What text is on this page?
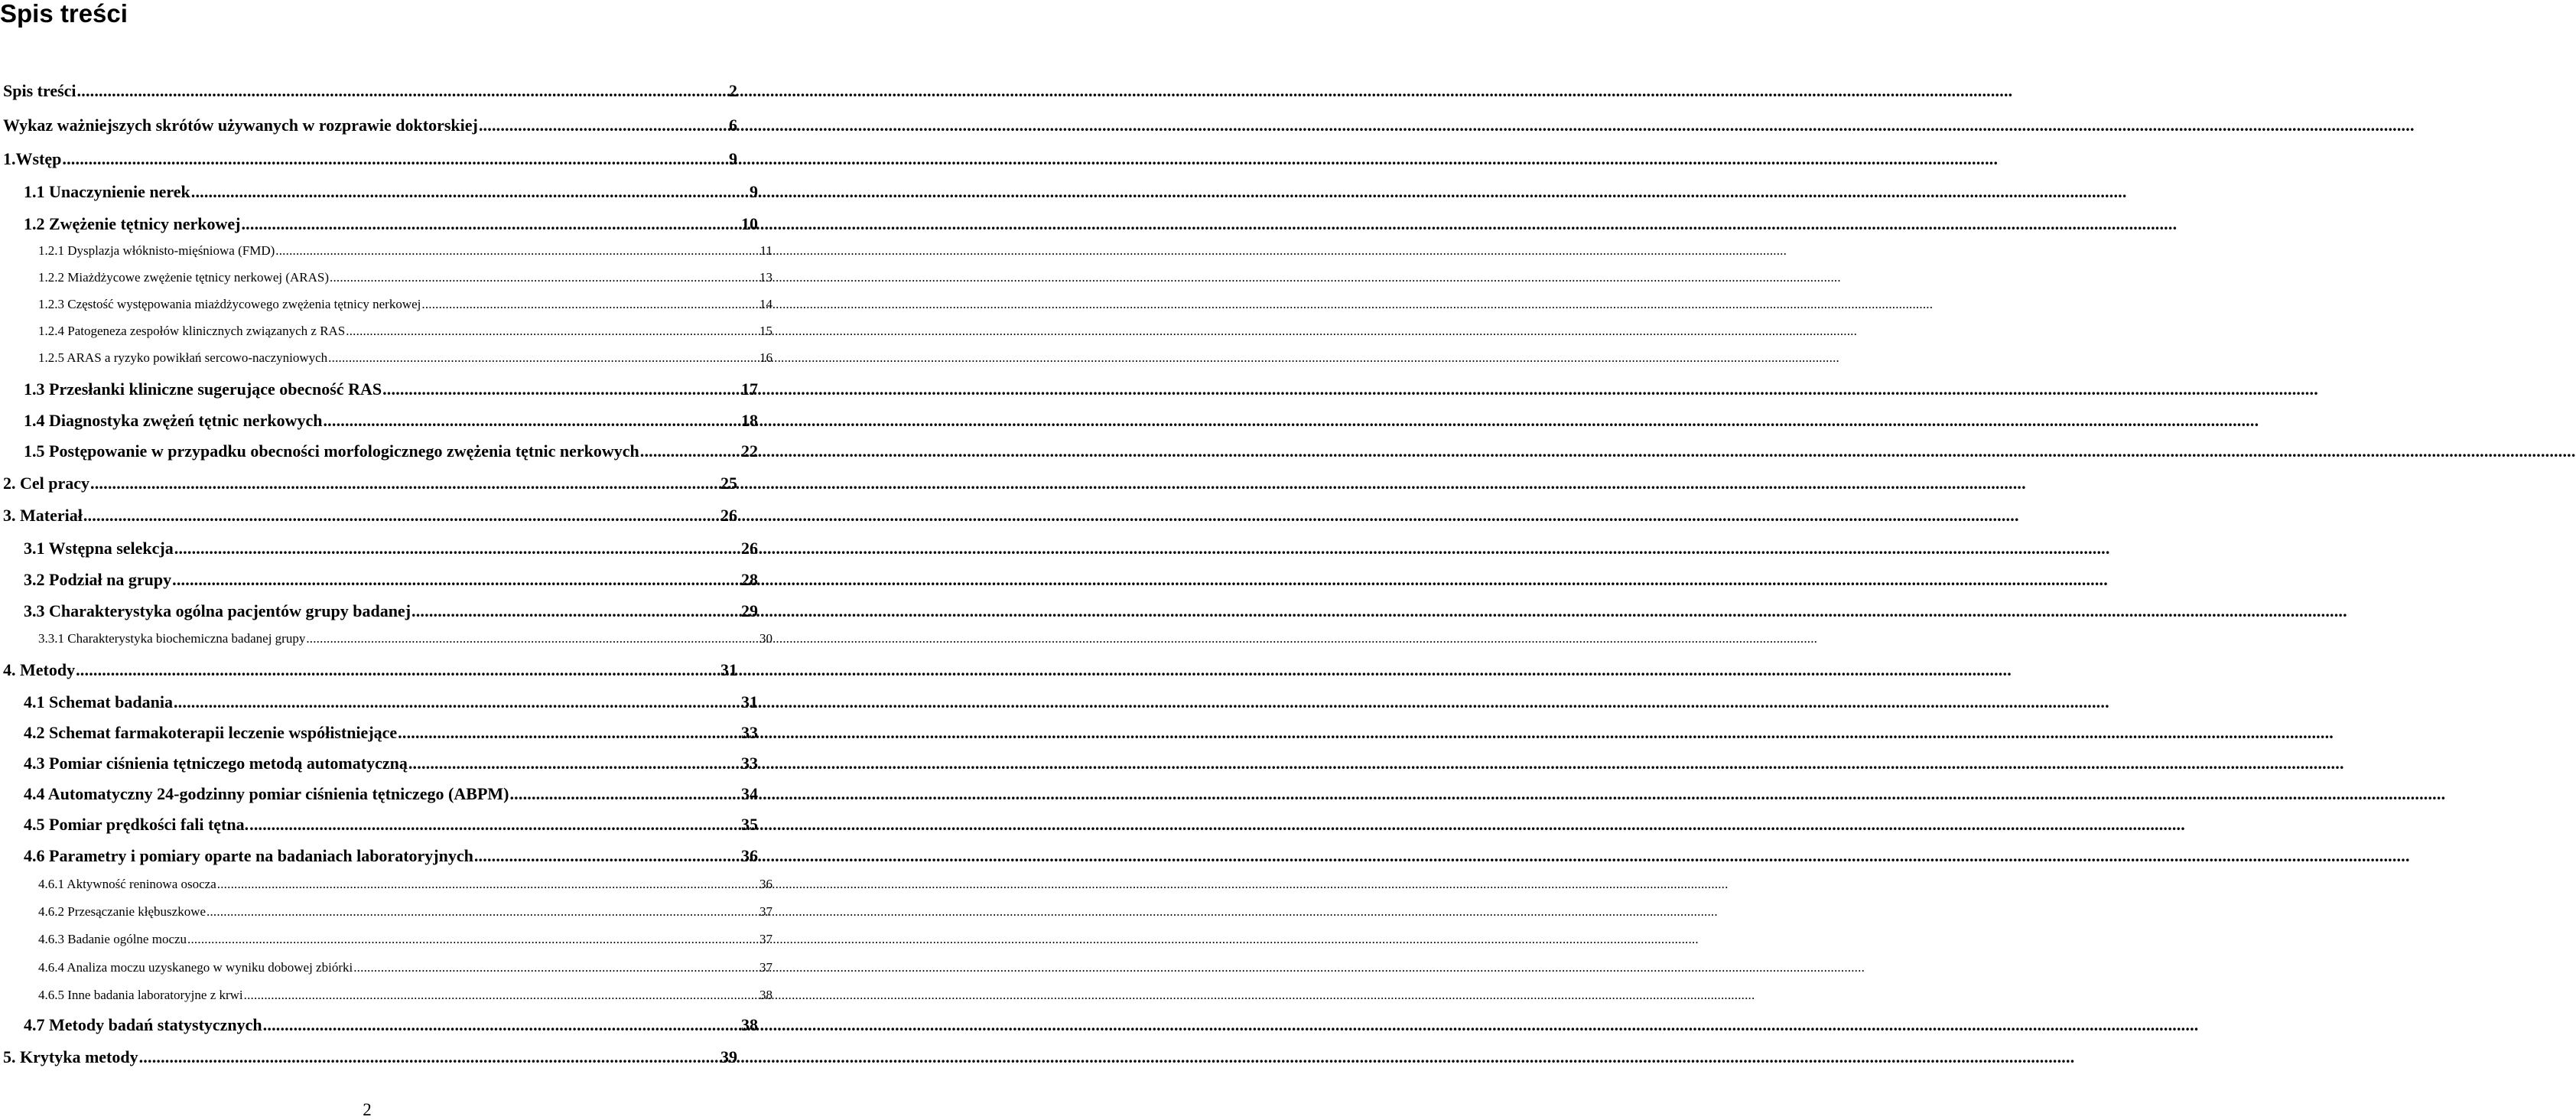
Spis treści
Spis treści .....	2
Wykaz ważniejszych skrótów używanych w rozprawie doktorskiej .....	6
1.Wstęp .....	9
1.1 Unaczynienie nerek .....	9
1.2 Zwężenie tętnicy nerkowej .....	10
1.2.1 Dysplazja włóknisto-mięśniowa (FMD) .....	11
1.2.2 Miażdżycowe zwężenie tętnicy nerkowej (ARAS) .....	13
1.2.3 Częstość występowania miażdżycowego zwężenia tętnicy nerkowej .....	14
1.2.4 Patogeneza zespołów klinicznych związanych z RAS .....	15
1.2.5 ARAS a ryzyko powikłań sercowo-naczyniowych .....	16
1.3 Przesłanki kliniczne sugerujące obecność RAS .....	17
1.4 Diagnostyka zwężeń tętnic nerkowych .....	18
1.5 Postępowanie w przypadku obecności morfologicznego zwężenia tętnic nerkowych .....	22
2. Cel pracy .....	25
3. Materiał .....	26
3.1 Wstępna selekcja .....	26
3.2 Podział na grupy .....	28
3.3 Charakterystyka ogólna pacjentów grupy badanej .....	29
3.3.1 Charakterystyka biochemiczna badanej grupy .....	30
4. Metody .....	31
4.1 Schemat badania .....	31
4.2 Schemat farmakoterapii leczenie współistniejące .....	33
4.3 Pomiar ciśnienia tętniczego metodą automatyczną .....	33
4.4 Automatyczny 24-godzinny pomiar ciśnienia tętniczego (ABPM) .....	34
4.5 Pomiar prędkości fali tętna. .....	35
4.6 Parametry i pomiary oparte na badaniach laboratoryjnych .....	36
4.6.1 Aktywność reninowa osocza .....	36
4.6.2 Przesączanie kłębuszkowe .....	37
4.6.3 Badanie ogólne moczu .....	37
4.6.4 Analiza moczu uzyskanego w wyniku dobowej zbiórki .....	37
4.6.5 Inne badania laboratoryjne z krwi .....	38
4.7 Metody badań statystycznych .....	38
5. Krytyka metody .....	39
2
